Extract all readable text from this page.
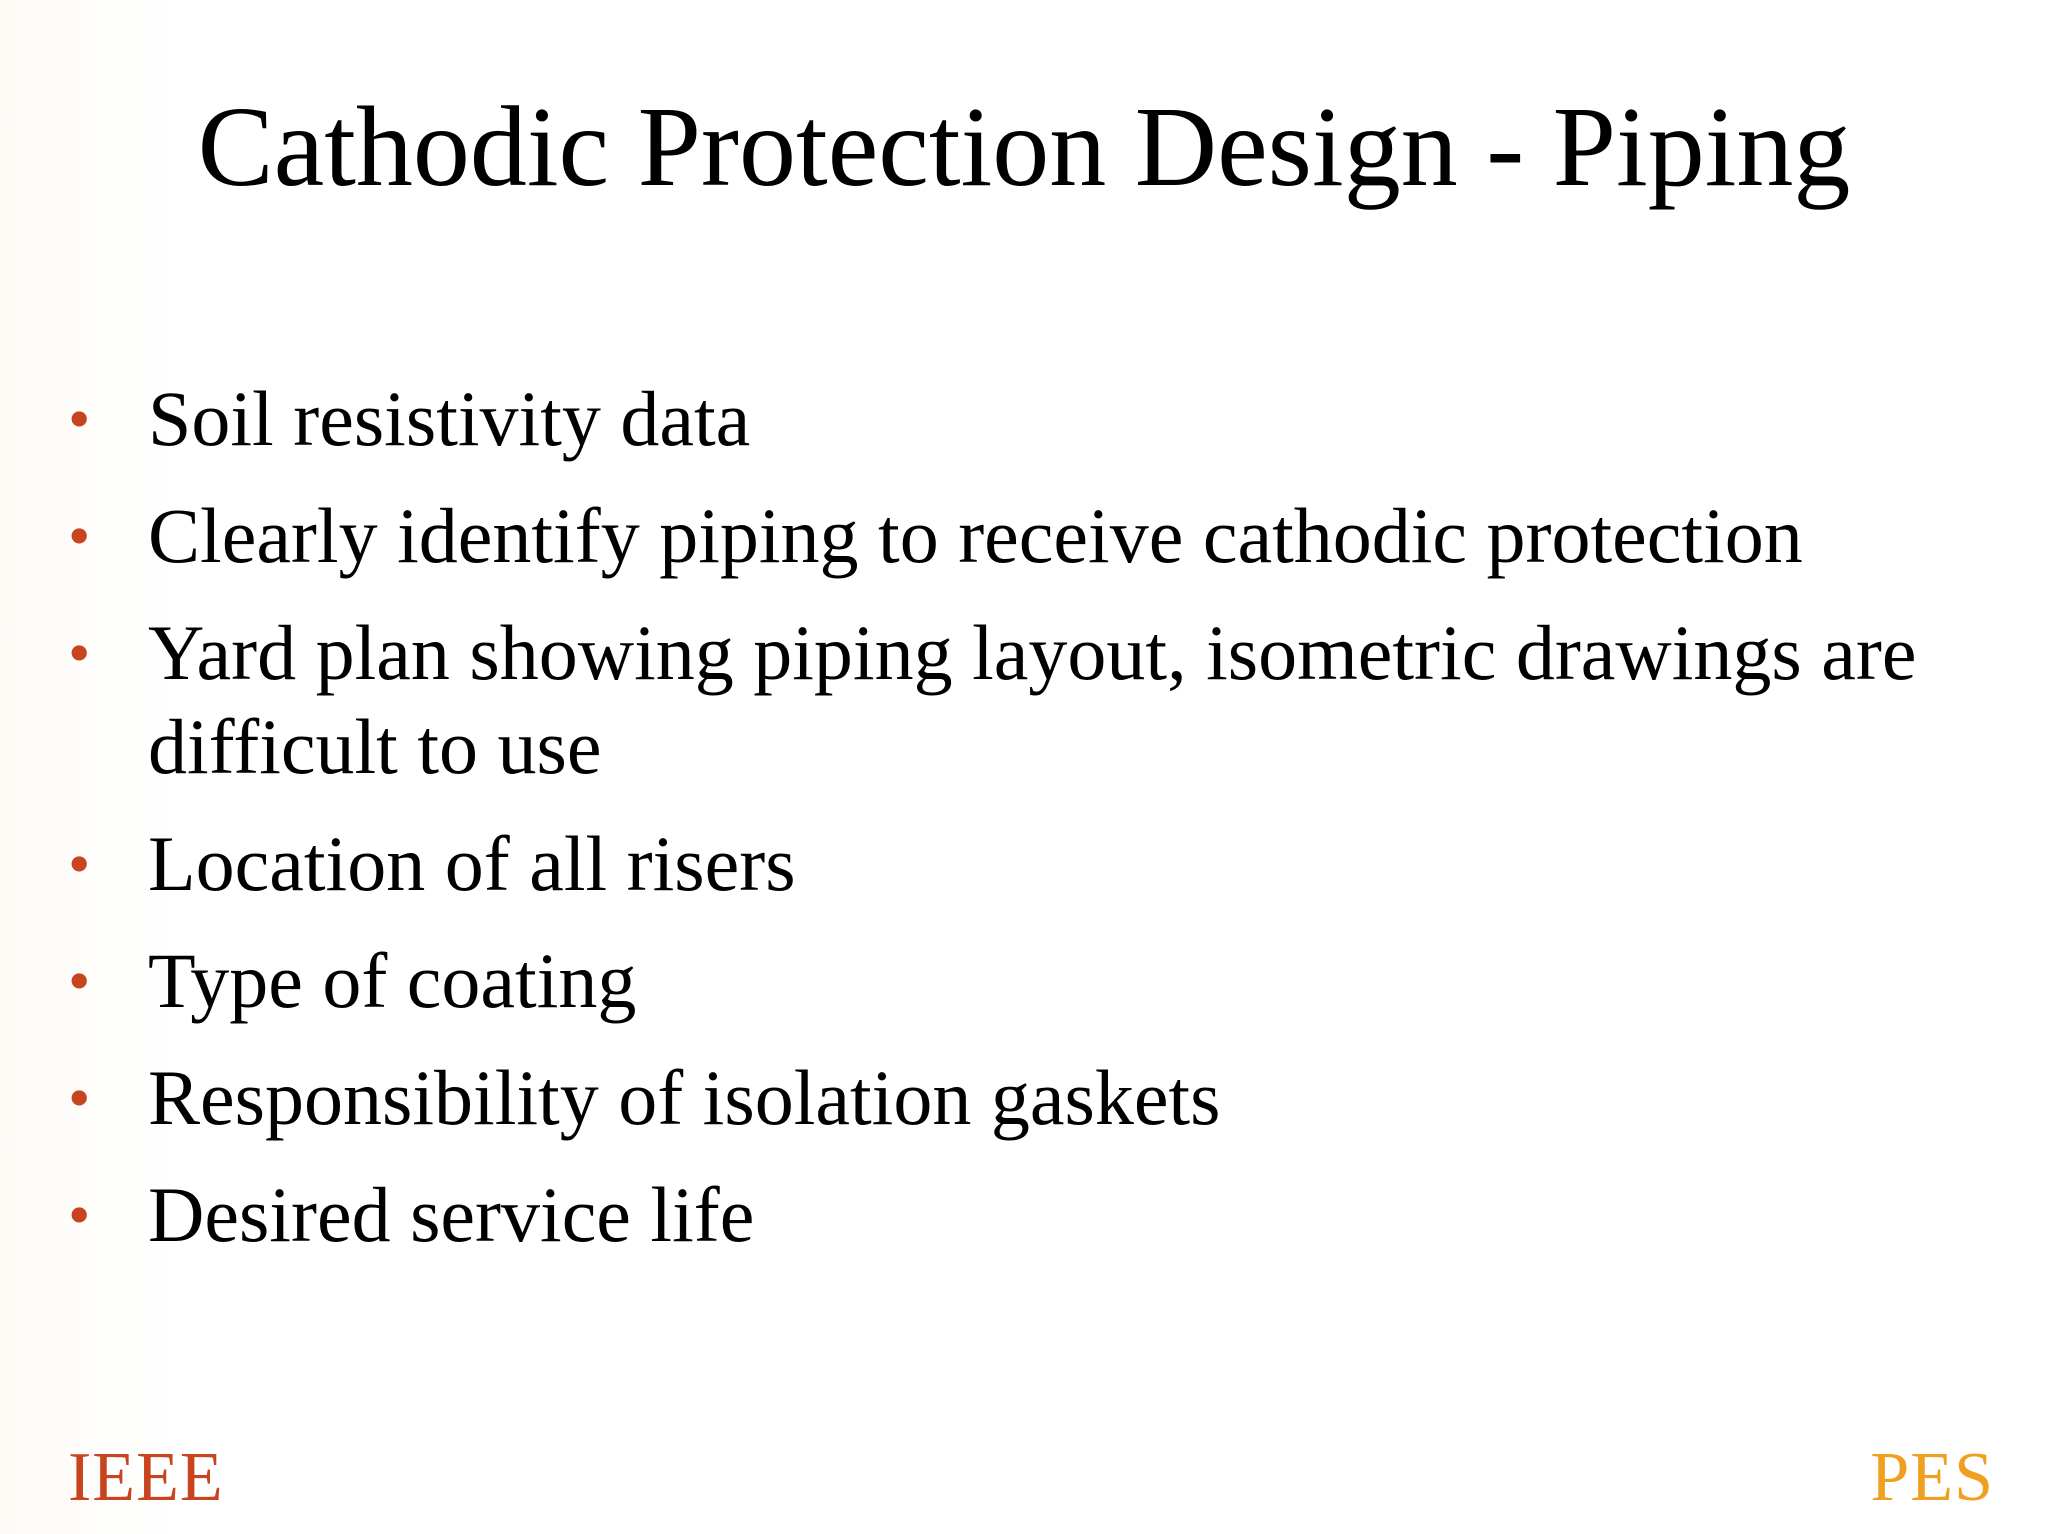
Cathodic Protection Design - Piping
• Soil resistivity data
• Clearly identify piping to receive cathodic protection
• Yard plan showing piping layout, isometric drawings are difficult to use
• Location of all risers
• Type of coating
• Responsibility of isolation gaskets
• Desired service life
IEEE	PES
